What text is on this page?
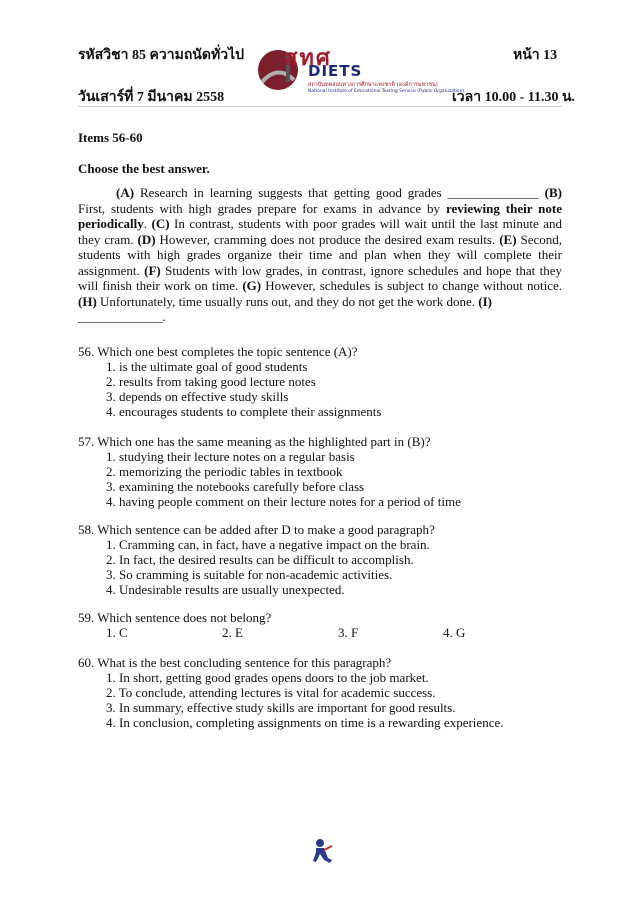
รหัสวิชา 85 ความถนัดทั่วไป	หน้า 13
วันเสาร์ที่ 7 มีนาคม 2558	เวลา 10.00 - 11.30 น.
สทศ
DIETS
สถาบันทดสอบทางการศึกษาแห่งชาติ (องค์การมหาชน)
National Institute of Educational Testing Service (Public Organization)
Items 56-60
Choose the best answer.
(A) Research in learning suggests that getting good grades ______________ (B) First, students with high grades prepare for exams in advance by reviewing their note periodically. (C) In contrast, students with poor grades will wait until the last minute and they cram. (D) However, cramming does not produce the desired exam results. (E) Second, students with high grades organize their time and plan when they will complete their assignment. (F) Students with low grades, in contrast, ignore schedules and hope that they will finish their work on time. (G) However, schedules is subject to change without notice. (H) Unfortunately, time usually runs out, and they do not get the work done. (I)
_____________.
56. Which one best completes the topic sentence (A)?
1. is the ultimate goal of good students
2. results from taking good lecture notes
3. depends on effective study skills
4. encourages students to complete their assignments
57. Which one has the same meaning as the highlighted part in (B)?
1. studying their lecture notes on a regular basis
2. memorizing the periodic tables in textbook
3. examining the notebooks carefully before class
4. having people comment on their lecture notes for a period of time
58. Which sentence can be added after D to make a good paragraph?
1. Cramming can, in fact, have a negative impact on the brain.
2. In fact, the desired results can be difficult to accomplish.
3. So cramming is suitable for non-academic activities.
4. Undesirable results are usually unexpected.
59. Which sentence does not belong?
1. C	2. E	3. F	4. G
60. What is the best concluding sentence for this paragraph?
1. In short, getting good grades opens doors to the job market.
2. To conclude, attending lectures is vital for academic success.
3. In summary, effective study skills are important for good results.
4. In conclusion, completing assignments on time is a rewarding experience.
